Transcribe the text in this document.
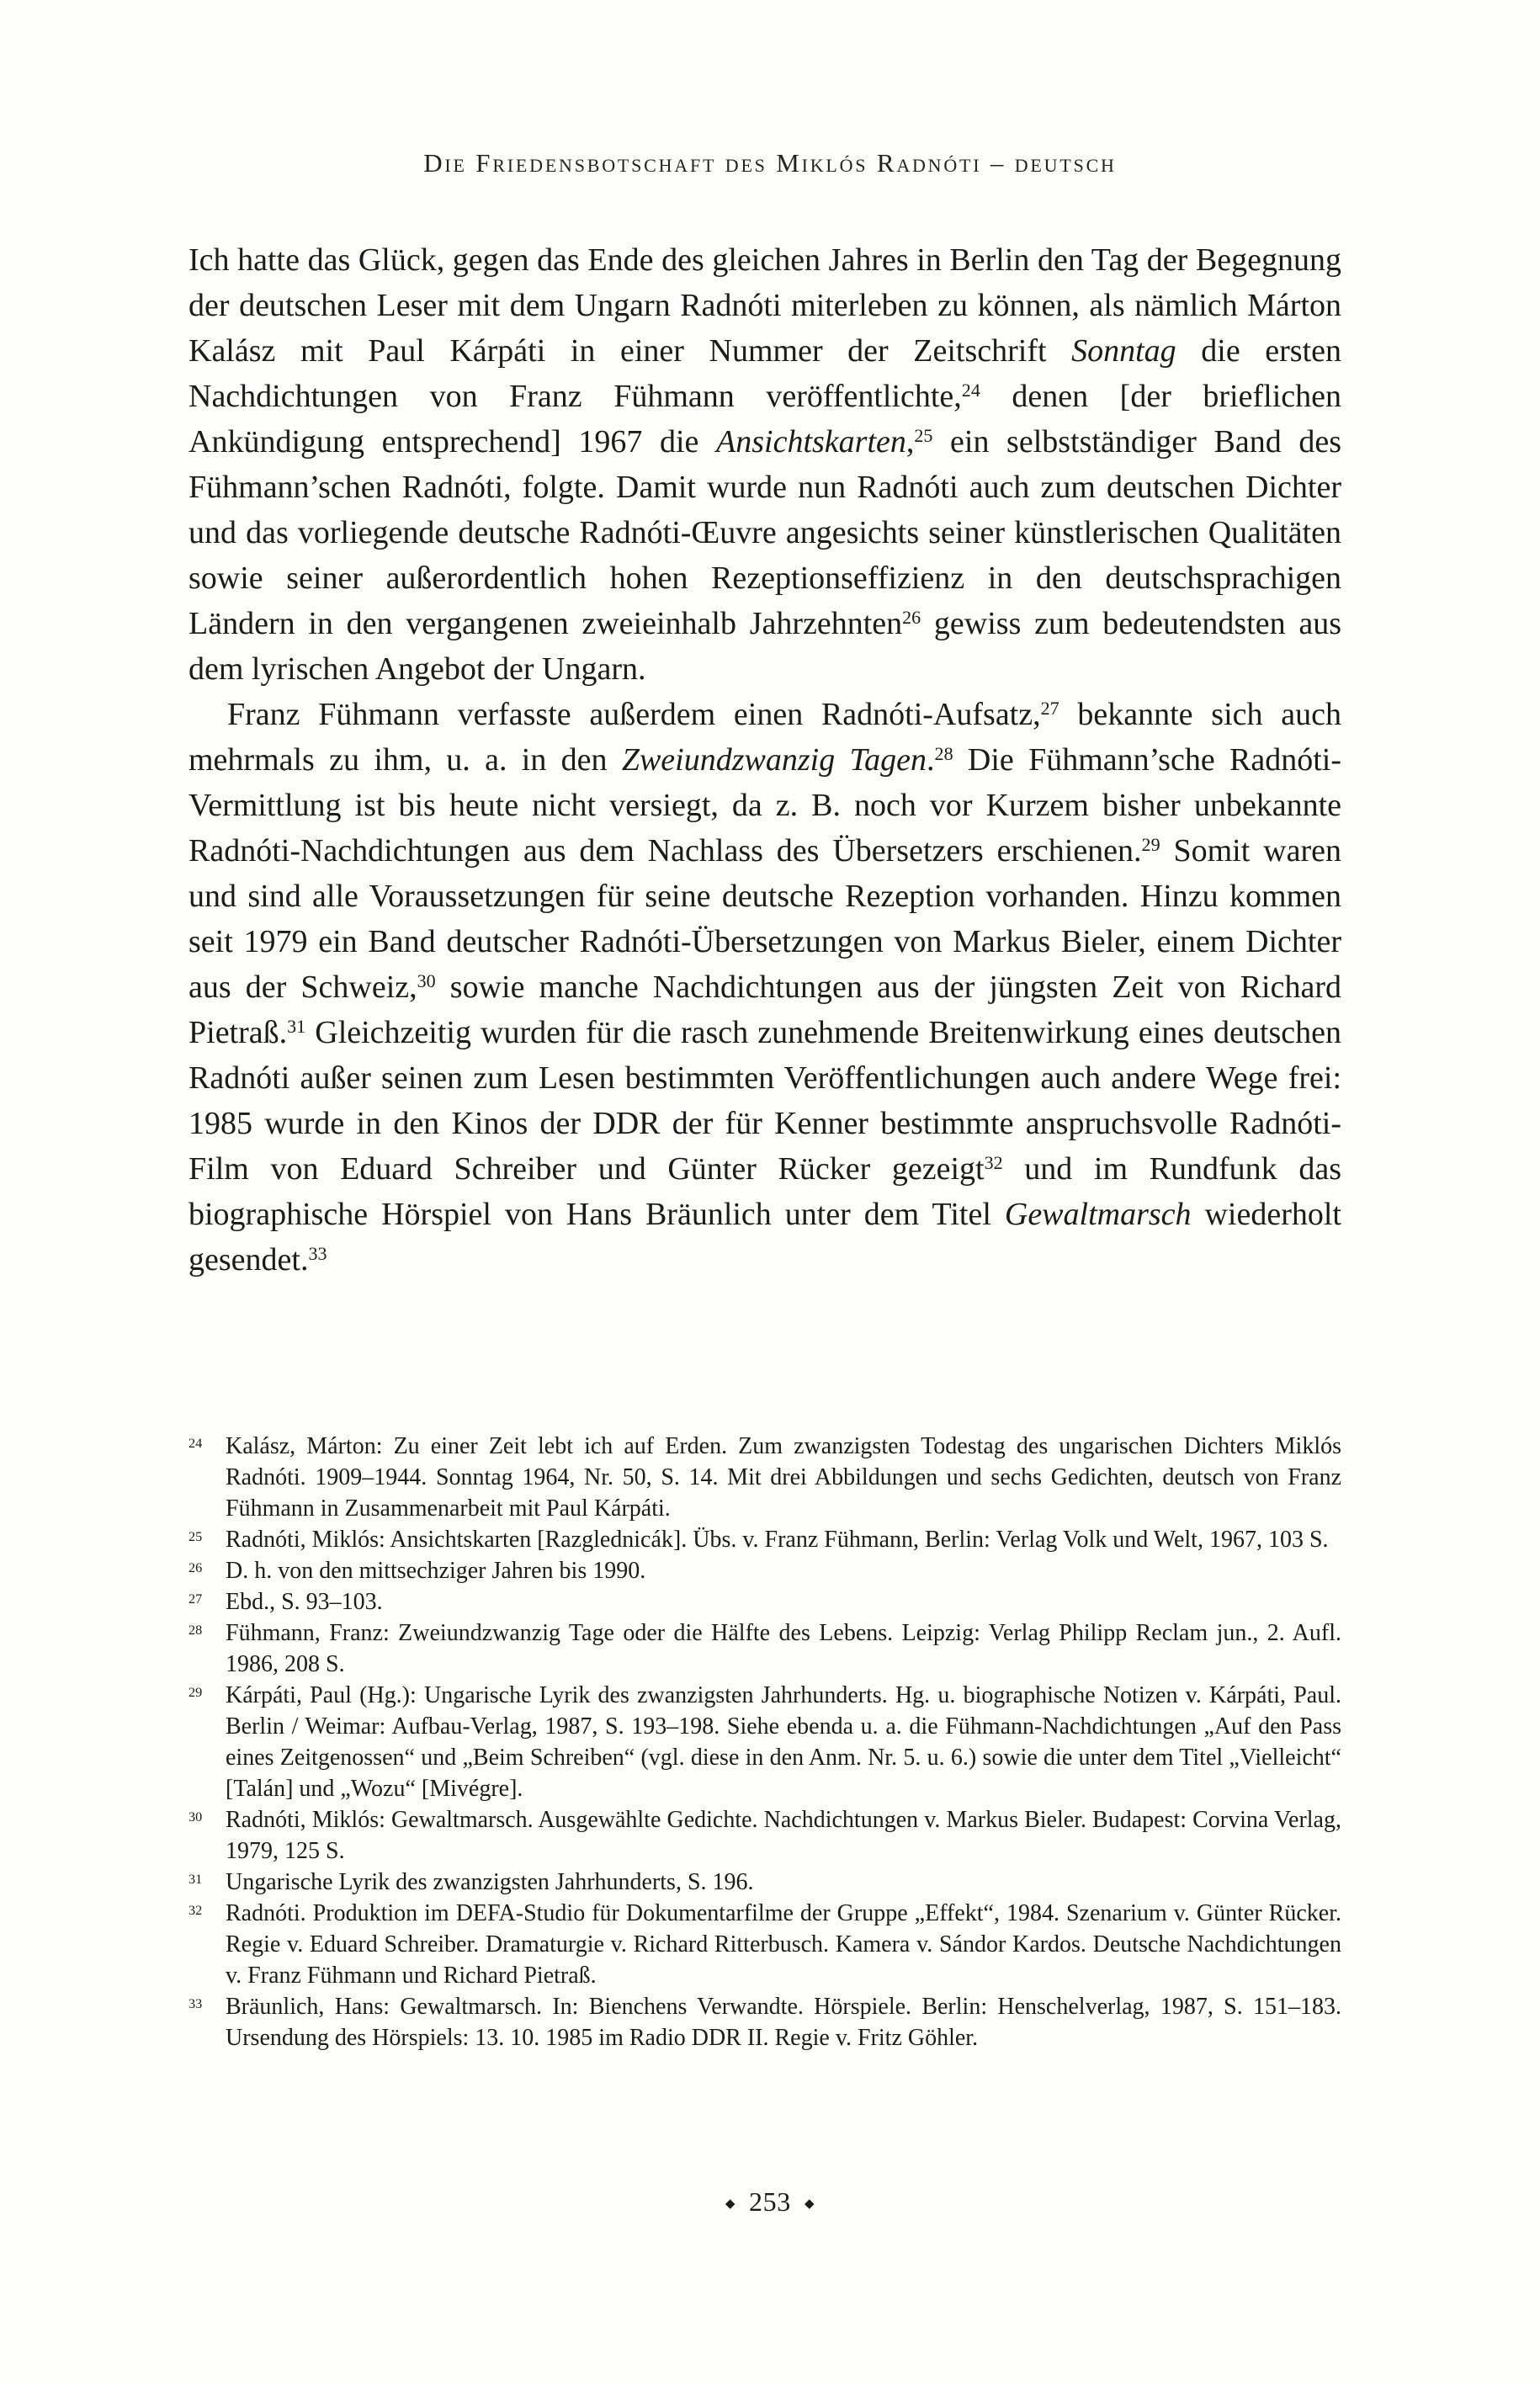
Die Friedensbotschaft des Miklós Radnóti – deutsch

Ich hatte das Glück, gegen das Ende des gleichen Jahres in Berlin den Tag der Begegnung der deutschen Leser mit dem Ungarn Radnóti miterleben zu können, als nämlich Márton Kalász mit Paul Kárpáti in einer Nummer der Zeitschrift Sonntag die ersten Nachdichtungen von Franz Fühmann veröffentlichte,$^{24}$ denen [der brieflichen Ankündigung entsprechend] 1967 die Ansichtskarten,$^{25}$ ein selbstständiger Band des Fühmann’schen Radnóti, folgte. Damit wurde nun Radnóti auch zum deutschen Dichter und das vorliegende deutsche Radnóti-Œuvre angesichts seiner künstlerischen Qualitäten sowie seiner außerordentlich hohen Rezeptionseffizienz in den deutschsprachigen Ländern in den vergangenen zweieinhalb Jahrzehnten$^{26}$ gewiss zum bedeutendsten aus dem lyrischen Angebot der Ungarn.

Franz Fühmann verfasste außerdem einen Radnóti-Aufsatz,$^{27}$ bekannte sich auch mehrmals zu ihm, u. a. in den Zweiundzwanzig Tagen.$^{28}$ Die Fühmann’sche Radnóti-Vermittlung ist bis heute nicht versiegt, da z. B. noch vor Kurzem bisher unbekannte Radnóti-Nachdichtungen aus dem Nachlass des Übersetzers erschienen.$^{29}$ Somit waren und sind alle Voraussetzungen für seine deutsche Rezeption vorhanden. Hinzu kommen seit 1979 ein Band deutscher Radnóti-Übersetzungen von Markus Bieler, einem Dichter aus der Schweiz,$^{30}$ sowie manche Nachdichtungen aus der jüngsten Zeit von Richard Pietraß.$^{31}$ Gleichzeitig wurden für die rasch zunehmende Breitenwirkung eines deutschen Radnóti außer seinen zum Lesen bestimmten Veröffentlichungen auch andere Wege frei: 1985 wurde in den Kinos der DDR der für Kenner bestimmte anspruchsvolle Radnóti-Film von Eduard Schreiber und Günter Rücker gezeigt$^{32}$ und im Rundfunk das biographische Hörspiel von Hans Bräunlich unter dem Titel Gewaltmarsch wiederholt gesendet.$^{33}$

$^{24}$ Kalász, Márton: Zu einer Zeit lebt ich auf Erden. Zum zwanzigsten Todestag des ungarischen Dichters Miklós Radnóti. 1909–1944. Sonntag 1964, Nr. 50, S. 14. Mit drei Abbildungen und sechs Gedichten, deutsch von Franz Fühmann in Zusammenarbeit mit Paul Kárpáti.

$^{25}$ Radnóti, Miklós: Ansichtskarten [Razglednicák]. Übs. v. Franz Fühmann, Berlin: Verlag Volk und Welt, 1967, 103 S.

$^{26}$ D. h. von den mittsechziger Jahren bis 1990.

$^{27}$ Ebd., S. 93–103.

$^{28}$ Fühmann, Franz: Zweiundzwanzig Tage oder die Hälfte des Lebens. Leipzig: Verlag Philipp Reclam jun., 2. Aufl. 1986, 208 S.

$^{29}$ Kárpáti, Paul (Hg.): Ungarische Lyrik des zwanzigsten Jahrhunderts. Hg. u. biographische Notizen v. Kárpáti, Paul. Berlin / Weimar: Aufbau-Verlag, 1987, S. 193–198. Siehe ebenda u. a. die Fühmann-Nachdichtungen „Auf den Pass eines Zeitgenossen“ und „Beim Schreiben“ (vgl. diese in den Anm. Nr. 5. u. 6.) sowie die unter dem Titel „Vielleicht“ [Talán] und „Wozu“ [Mivégre].

$^{30}$ Radnóti, Miklós: Gewaltmarsch. Ausgewählte Gedichte. Nachdichtungen v. Markus Bieler. Budapest: Corvina Verlag, 1979, 125 S.

$^{31}$ Ungarische Lyrik des zwanzigsten Jahrhunderts, S. 196.

$^{32}$ Radnóti. Produktion im DEFA-Studio für Dokumentarfilme der Gruppe „Effekt“, 1984. Szenarium v. Günter Rücker. Regie v. Eduard Schreiber. Dramaturgie v. Richard Ritterbusch. Kamera v. Sándor Kardos. Deutsche Nachdichtungen v. Franz Fühmann und Richard Pietraß.

$^{33}$ Bräunlich, Hans: Gewaltmarsch. In: Bienchens Verwandte. Hörspiele. Berlin: Henschelverlag, 1987, S. 151–183. Ursendung des Hörspiels: 13. 10. 1985 im Radio DDR II. Regie v. Fritz Göhler.

◆ 253 ◆
